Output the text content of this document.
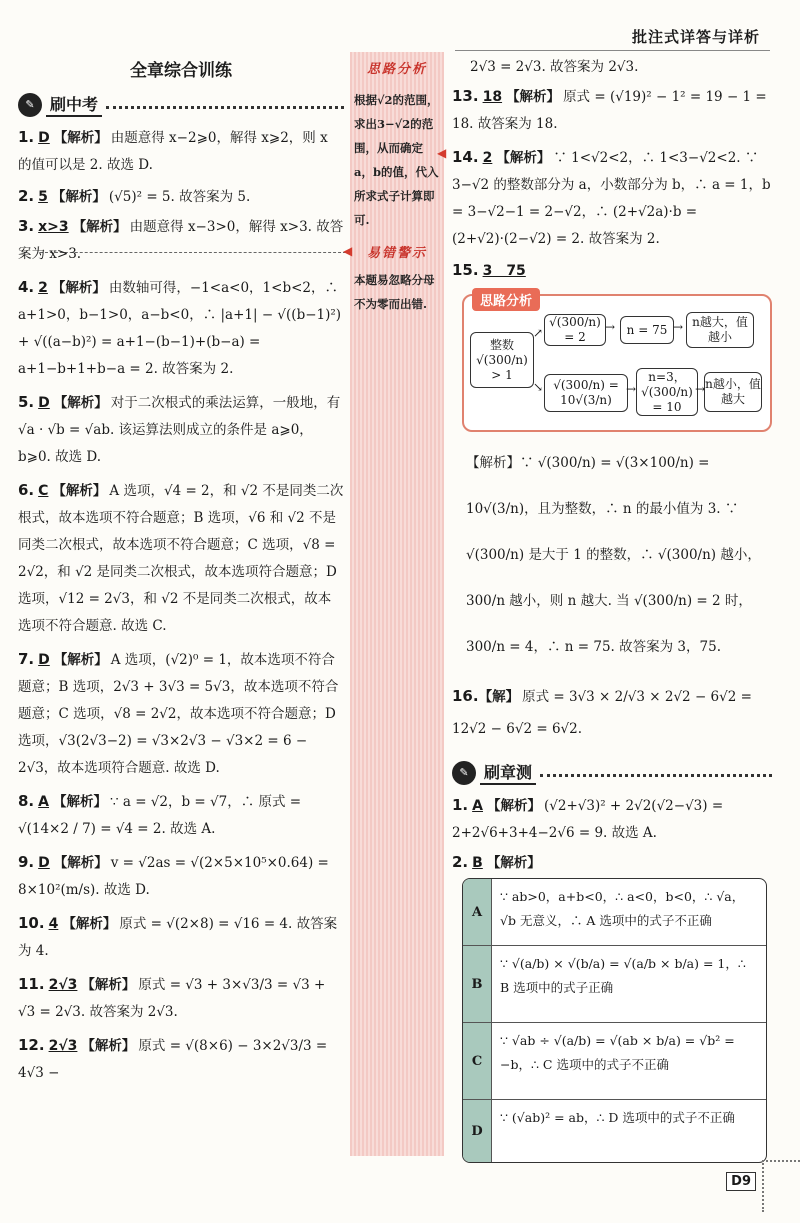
批注式详答与详析
思路分析
根据√2的范围，求出3−√2的范围，从而确定a，b的值，代入所求式子计算即可.
◀
◀	易错警示
本题易忽略分母不为零而出错.
全章综合训练
✎ 刷中考
1. D 【解析】 由题意得 x−2⩾0，解得 x⩾2，则 x 的值可以是 2. 故选 D.
2. 5 【解析】 (√5)² = 5. 故答案为 5.
3. x>3 【解析】 由题意得 x−3>0，解得 x>3. 故答案为 x>3.
4. 2 【解析】 由数轴可得，−1<a<0，1<b<2，∴ a+1>0，b−1>0，a−b<0，∴ |a+1| − √((b−1)²) + √((a−b)²) = a+1−(b−1)+(b−a) = a+1−b+1+b−a = 2. 故答案为 2.
5. D 【解析】 对于二次根式的乘法运算，一般地，有 √a · √b = √ab. 该运算法则成立的条件是 a⩾0，b⩾0. 故选 D.
6. C 【解析】 A 选项，√4 = 2，和 √2 不是同类二次根式，故本选项不符合题意；B 选项，√6 和 √2 不是同类二次根式，故本选项不符合题意；C 选项，√8 = 2√2，和 √2 是同类二次根式，故本选项符合题意；D 选项，√12 = 2√3，和 √2 不是同类二次根式，故本选项不符合题意. 故选 C.
7. D 【解析】 A 选项，(√2)⁰ = 1，故本选项不符合题意；B 选项，2√3 + 3√3 = 5√3，故本选项不符合题意；C 选项，√8 = 2√2，故本选项不符合题意；D 选项，√3(2√3−2) = √3×2√3 − √3×2 = 6 − 2√3，故本选项符合题意. 故选 D.
8. A 【解析】 ∵ a = √2，b = √7，∴ 原式 = √(14×2 / 7) = √4 = 2. 故选 A.
9. D 【解析】 v = √2as = √(2×5×10⁵×0.64) = 8×10²(m/s). 故选 D.
10. 4 【解析】 原式 = √(2×8) = √16 = 4. 故答案为 4.
11. 2√3 【解析】 原式 = √3 + 3×√3/3 = √3 + √3 = 2√3. 故答案为 2√3.
12. 2√3 【解析】 原式 = √(8×6) − 3×2√3/3 = 4√3 −
2√3 = 2√3. 故答案为 2√3.
13. 18 【解析】 原式 = (√19)² − 1² = 19 − 1 = 18. 故答案为 18.
14. 2 【解析】 ∵ 1<√2<2，∴ 1<3−√2<2. ∵ 3−√2 的整数部分为 a，小数部分为 b，∴ a = 1，b = 3−√2−1 = 2−√2，∴ (2+√2a)·b = (2+√2)·(2−√2) = 2. 故答案为 2.
15. 3　75
整数 √(300/n) > 1
√(300/n) = 2
n = 75
n越大，值越小
√(300/n) = 10√(3/n)
n=3，√(300/n) = 10
n越小，值越大
↗
↘
→	→
→	→
思路分析
【解析】∵ √(300/n) = √(3×100/n) = 10√(3/n)，且为整数，∴ n 的最小值为 3. ∵ √(300/n) 是大于 1 的整数，∴ √(300/n) 越小，300/n 越小，则 n 越大. 当 √(300/n) = 2 时，300/n = 4，∴ n = 75. 故答案为 3，75.
16.【解】 原式 = 3√3 × 2/√3 × 2√2 − 6√2 = 12√2 − 6√2 = 6√2.
✎ 刷章测
1. A 【解析】 (√2+√3)² + 2√2(√2−√3) = 2+2√6+3+4−2√6 = 9. 故选 A.
2. B 【解析】
A
∵ ab>0，a+b<0，∴ a<0，b<0，∴ √a，√b 无意义，∴ A 选项中的式子不正确
B
∵ √(a/b) × √(b/a) = √(a/b × b/a) = 1，∴ B 选项中的式子正确
C
∵ √ab ÷ √(a/b) = √(ab × b/a) = √b² = −b，∴ C 选项中的式子不正确
D
∵ (√ab)² = ab，∴ D 选项中的式子不正确
D9
